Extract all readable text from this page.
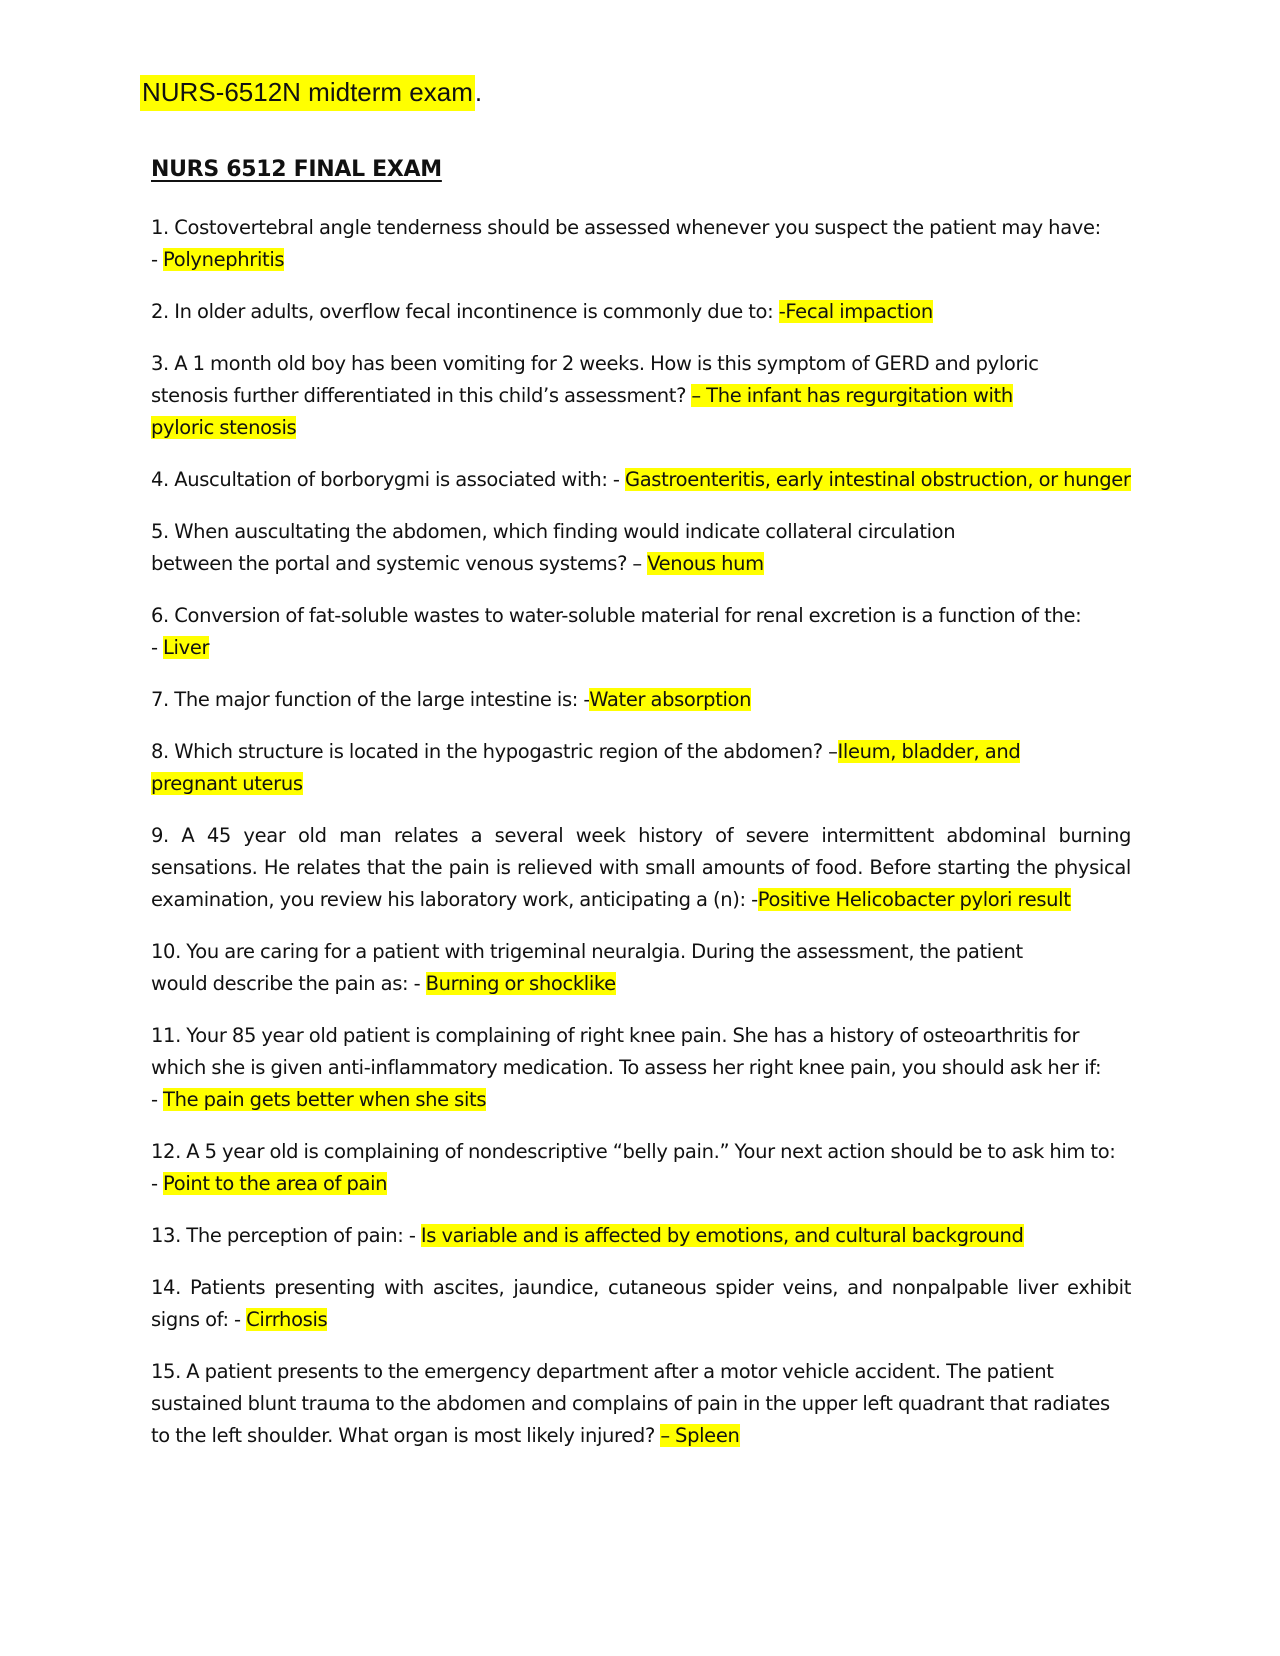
NURS-6512N midterm exam.
NURS 6512 FINAL EXAM
1. Costovertebral angle tenderness should be assessed whenever you suspect the patient may have:
- Polynephritis
2. In older adults, overflow fecal incontinence is commonly due to: -Fecal impaction
3. A 1 month old boy has been vomiting for 2 weeks. How is this symptom of GERD and pyloric stenosis further differentiated in this child’s assessment? – The infant has regurgitation with pyloric stenosis
4. Auscultation of borborygmi is associated with: - Gastroenteritis, early intestinal obstruction, or hunger
5. When auscultating the abdomen, which finding would indicate collateral circulation between the portal and systemic venous systems? – Venous hum
6. Conversion of fat-soluble wastes to water-soluble material for renal excretion is a function of the:
- Liver
7. The major function of the large intestine is: -Water absorption
8. Which structure is located in the hypogastric region of the abdomen? –Ileum, bladder, and pregnant uterus
9. A 45 year old man relates a several week history of severe intermittent abdominal burning sensations. He relates that the pain is relieved with small amounts of food. Before starting the physical examination, you review his laboratory work, anticipating a (n): -Positive Helicobacter pylori result
10. You are caring for a patient with trigeminal neuralgia. During the assessment, the patient would describe the pain as: - Burning or shocklike
11. Your 85 year old patient is complaining of right knee pain. She has a history of osteoarthritis for which she is given anti-inflammatory medication. To assess her right knee pain, you should ask her if:
- The pain gets better when she sits
12. A 5 year old is complaining of nondescriptive “belly pain.” Your next action should be to ask him to:
- Point to the area of pain
13. The perception of pain: - Is variable and is affected by emotions, and cultural background
14. Patients presenting with ascites, jaundice, cutaneous spider veins, and nonpalpable liver exhibit signs of: - Cirrhosis
15. A patient presents to the emergency department after a motor vehicle accident. The patient sustained blunt trauma to the abdomen and complains of pain in the upper left quadrant that radiates to the left shoulder. What organ is most likely injured? – Spleen
